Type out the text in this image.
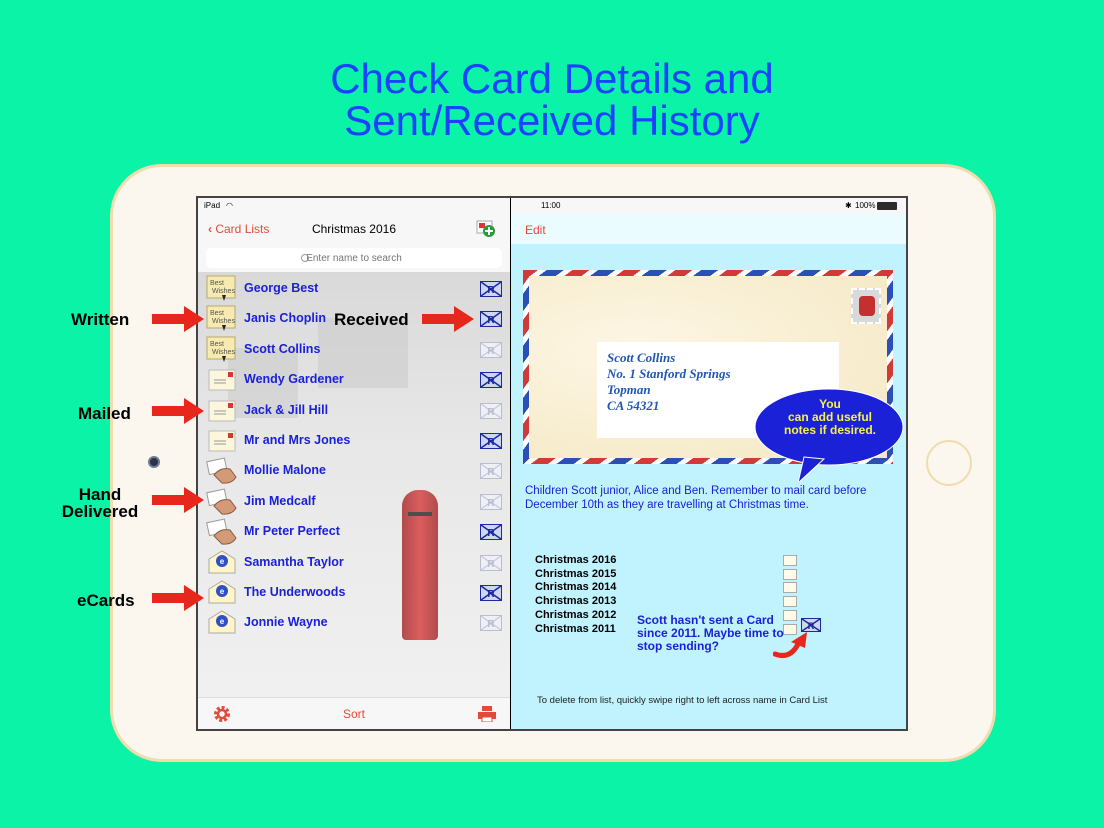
Check Card Details and
Sent/Received History
iPad ◠
Christmas 2016
‹ Card Lists
Enter name to search
Best
Wishes George Best	R
Best
Wishes Janis Choplin	R
Best
Wishes Scott Collins	R
Wendy Gardener	R
Jack & Jill Hill	R
Mr and Mrs Jones	R
Mollie Malone	R
Jim Medcalf	R
Mr Peter Perfect	R
e Samantha Taylor	R
e The Underwoods	R
e Jonnie Wayne	R
Sort
11:00	✱ 100%
Edit
Scott Collins
No. 1 Stanford Springs
Topman
CA 54321
Children Scott junior, Alice and Ben. Remember to mail card before December 10th as they are travelling at Christmas time.
Christmas 2016
Christmas 2015
Christmas 2014
Christmas 2013
Christmas 2012
Christmas 2011	R
Scott hasn't sent a Card since 2011. Maybe time to stop sending?
To delete from list, quickly swipe right to left across name in Card List
You
can add useful
notes if desired.
Written	Received
Mailed
Hand
Delivered
eCards
